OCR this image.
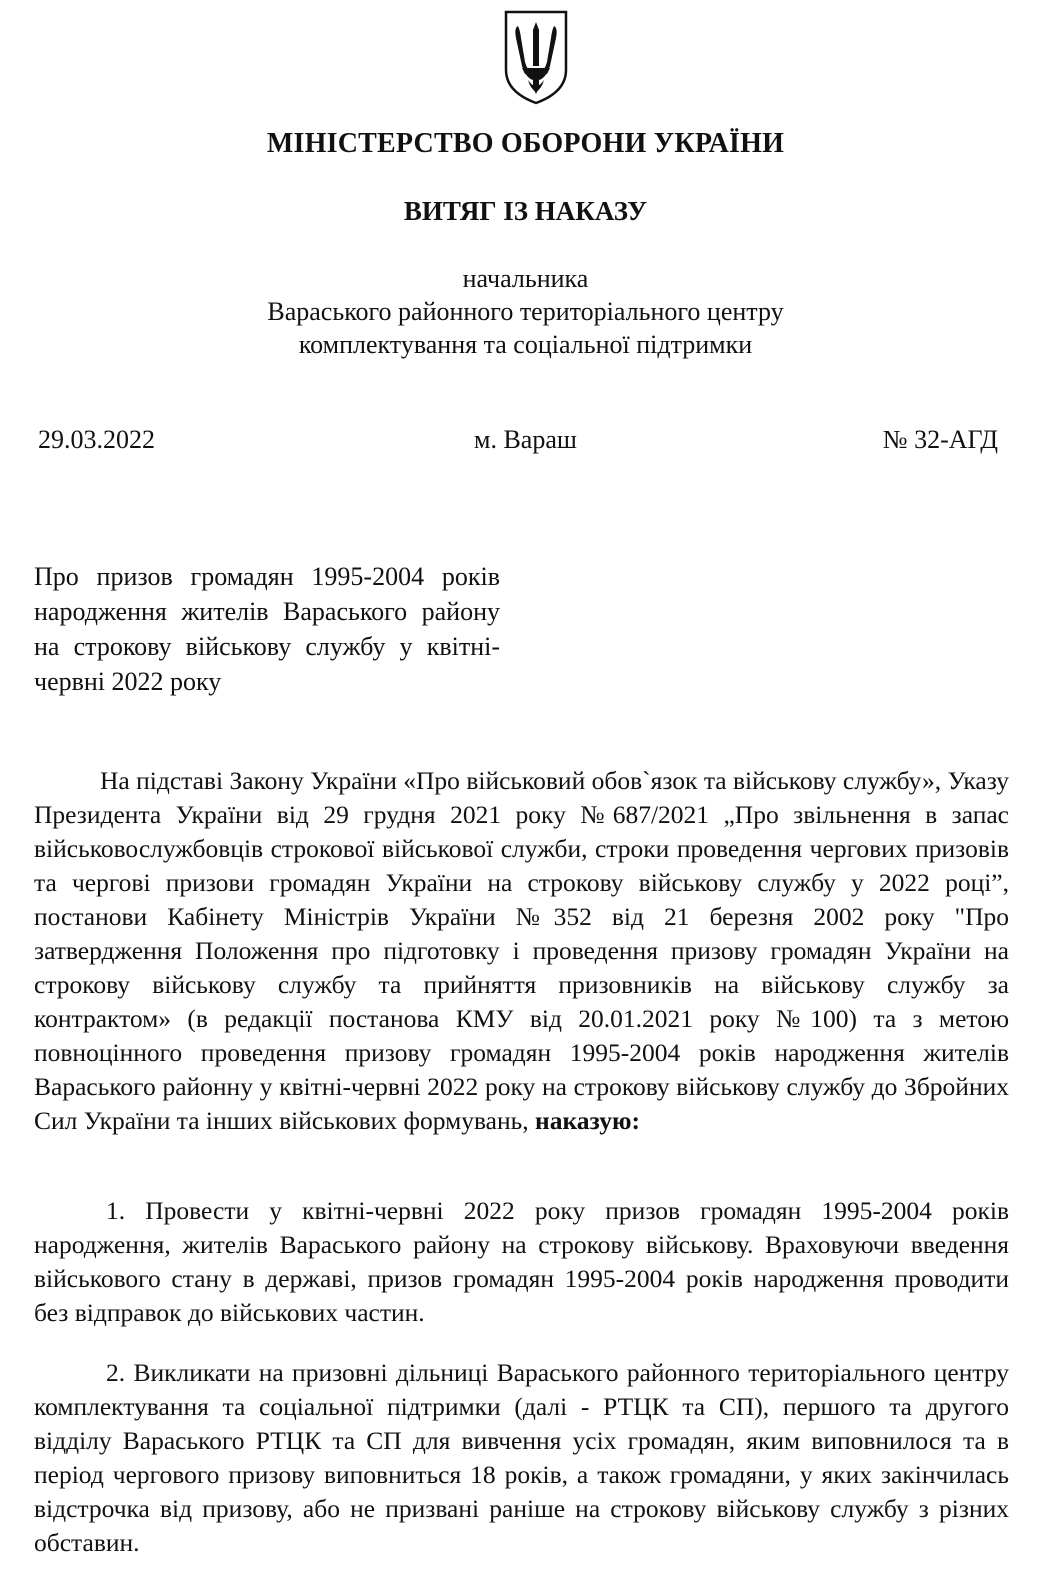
МІНІСТЕРСТВО ОБОРОНИ УКРАЇНИ
ВИТЯГ ІЗ НАКАЗУ
начальника
Вараського районного територіального центру
комплектування та соціальної підтримки
29.03.2022	м. Вараш	№ 32-АГД
Про призов громадян 1995-2004 років народження жителів Вараського району на строкову військову службу у квітні-червні 2022 року
На підставі Закону України «Про військовий обов`язок та військову службу», Указу Президента України від 29 грудня 2021 року №687/2021 „Про звільнення в запас військовослужбовців строкової військової служби, строки проведення чергових призовів та чергові призови громадян України на строкову військову службу у 2022 році”, постанови Кабінету Міністрів України №352 від 21 березня 2002 року "Про затвердження Положення про підготовку і проведення призову громадян України на строкову військову службу та прийняття призовників на військову службу за контрактом» (в редакції постанова КМУ від 20.01.2021 року №100) та з метою повноцінного проведення призову громадян 1995-2004 років народження жителів Вараського районну у квітні-червні 2022 року на строкову військову службу до Збройних Сил України та інших військових формувань, наказую:
1. Провести у квітні-червні 2022 року призов громадян 1995-2004 років народження, жителів Вараського району на строкову військову. Враховуючи введення військового стану в державі, призов громадян 1995-2004 років народження проводити без відправок до військових частин.
2. Викликати на призовні дільниці Вараського районного територіального центру комплектування та соціальної підтримки (далі - РТЦК та СП), першого та другого відділу Вараського РТЦК та СП для вивчення усіх громадян, яким виповнилося та в період чергового призову виповниться 18 років, а також громадяни, у яких закінчилась відстрочка від призову, або не призвані раніше на строкову військову службу з різних обставин.
